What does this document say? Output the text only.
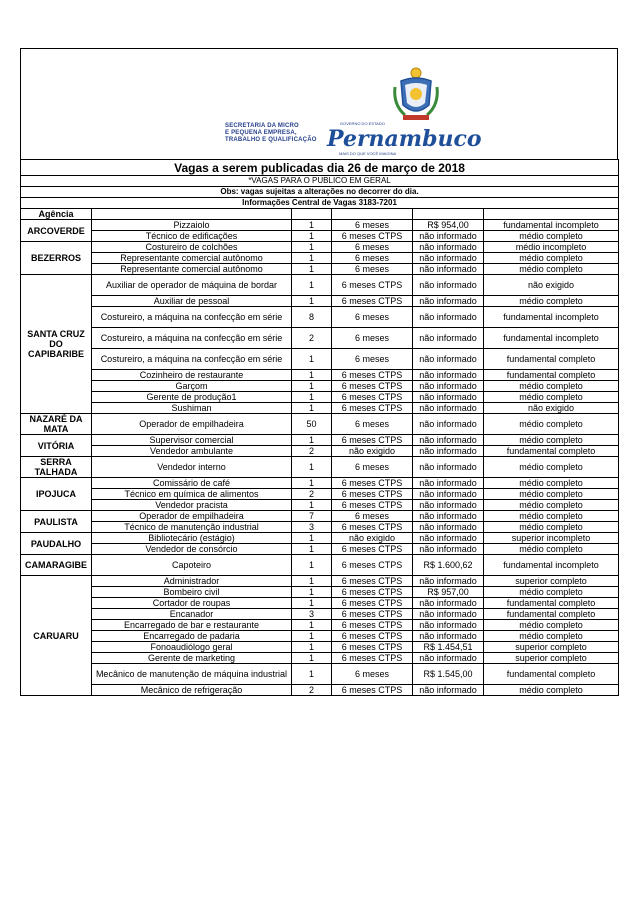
SECRETARIA DA MICRO
E PEQUENA EMPRESA,
TRABALHO E QUALIFICAÇÃO
GOVERNO DO ESTADO
Pernambuco
MAIS DO QUE VOCÊ IMAGINA
Vagas a serem publicadas dia 26 de março de 2018					
*VAGAS PARA O PUBLICO EM GERAL					
Obs: vagas sujeitas a alterações no decorrer do dia.					
Informações Central de Vagas 3183-7201					
Agência					
ARCOVERDE	Pizzaiolo	1	6 meses	R$ 954,00	fundamental incompleto
	Técnico de edificações	1	6 meses CTPS	não informado	médio completo
BEZERROS	Costureiro de colchões	1	6 meses	não informado	médio incompleto
	Representante comercial autônomo	1	6 meses	não informado	médio completo
	Representante comercial autônomo	1	6 meses	não informado	médio completo
SANTA CRUZ DO CAPIBARIBE	Auxiliar de operador de máquina de bordar	1	6 meses CTPS	não informado	não exigido
	Auxiliar de pessoal	1	6 meses CTPS	não informado	médio completo
	Costureiro, a máquina na confecção em série	8	6 meses	não informado	fundamental incompleto
	Costureiro, a máquina na confecção em série	2	6 meses	não informado	fundamental incompleto
	Costureiro, a máquina na confecção em série	1	6 meses	não informado	fundamental completo
	Cozinheiro de restaurante	1	6 meses CTPS	não informado	fundamental completo
	Garçom	1	6 meses CTPS	não informado	médio completo
	Gerente de produção1	1	6 meses CTPS	não informado	médio completo
	Sushiman	1	6 meses CTPS	não informado	não exigido
NAZARÉ DA MATA	Operador de empilhadeira	50	6 meses	não informado	médio completo
VITÓRIA	Supervisor comercial	1	6 meses CTPS	não informado	médio completo
	Vendedor ambulante	2	não exigido	não informado	fundamental completo
SERRA TALHADA	Vendedor interno	1	6 meses	não informado	médio completo
IPOJUCA	Comissário de café	1	6 meses CTPS	não informado	médio completo
	Técnico em química de alimentos	2	6 meses CTPS	não informado	médio completo
	Vendedor pracista	1	6 meses CTPS	não informado	médio completo
PAULISTA	Operador de empilhadeira	7	6 meses	não informado	médio completo
	Técnico de manutenção industrial	3	6 meses CTPS	não informado	médio completo
PAUDALHO	Bibliotecário (estágio)	1	não exigido	não informado	superior incompleto
	Vendedor de consórcio	1	6 meses CTPS	não informado	médio completo
CAMARAGIBE	Capoteiro	1	6 meses CTPS	R$ 1.600,62	fundamental incompleto
CARUARU	Administrador	1	6 meses CTPS	não informado	superior completo
	Bombeiro civil	1	6 meses CTPS	R$ 957,00	médio completo
	Cortador de roupas	1	6 meses CTPS	não informado	fundamental completo
	Encanador	3	6 meses CTPS	não informado	fundamental completo
	Encarregado de bar e restaurante	1	6 meses CTPS	não informado	médio completo
	Encarregado de padaria	1	6 meses CTPS	não informado	médio completo
	Fonoaudiólogo geral	1	6 meses CTPS	R$ 1.454,51	superior completo
	Gerente de marketing	1	6 meses CTPS	não informado	superior completo
	Mecânico de manutenção de máquina industrial	1	6 meses	R$ 1.545,00	fundamental completo
	Mecânico de refrigeração	2	6 meses CTPS	não informado	médio completo
